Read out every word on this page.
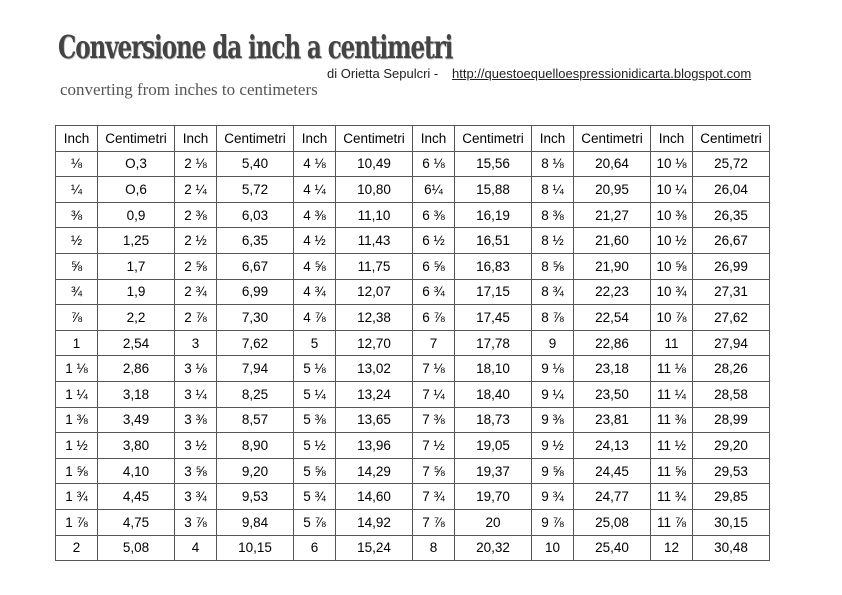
Conversione da inch a centimetri
converting from inches to centimeters
di Orietta Sepulcri - http://questoequelloespressionidicarta.blogspot.com
Inch	Centimetri	Inch	Centimetri	Inch	Centimetri	Inch	Centimetri	Inch	Centimetri	Inch	Centimetri
⅛	O,3	2 ⅛	5,40	4 ⅛	10,49	6 ⅛	15,56	8 ⅛	20,64	10 ⅛	25,72
¼	O,6	2 ¼	5,72	4 ¼	10,80	6¼	15,88	8 ¼	20,95	10 ¼	26,04
⅜	0,9	2 ⅜	6,03	4 ⅜	11,10	6 ⅜	16,19	8 ⅜	21,27	10 ⅜	26,35
½	1,25	2 ½	6,35	4 ½	11,43	6 ½	16,51	8 ½	21,60	10 ½	26,67
⅝	1,7	2 ⅝	6,67	4 ⅝	11,75	6 ⅝	16,83	8 ⅝	21,90	10 ⅝	26,99
¾	1,9	2 ¾	6,99	4 ¾	12,07	6 ¾	17,15	8 ¾	22,23	10 ¾	27,31
⅞	2,2	2 ⅞	7,30	4 ⅞	12,38	6 ⅞	17,45	8 ⅞	22,54	10 ⅞	27,62
1	2,54	3	7,62	5	12,70	7	17,78	9	22,86	11	27,94
1 ⅛	2,86	3 ⅛	7,94	5 ⅛	13,02	7 ⅛	18,10	9 ⅛	23,18	11 ⅛	28,26
1 ¼	3,18	3 ¼	8,25	5 ¼	13,24	7 ¼	18,40	9 ¼	23,50	11 ¼	28,58
1 ⅜	3,49	3 ⅜	8,57	5 ⅜	13,65	7 ⅜	18,73	9 ⅜	23,81	11 ⅜	28,99
1 ½	3,80	3 ½	8,90	5 ½	13,96	7 ½	19,05	9 ½	24,13	11 ½	29,20
1 ⅝	4,10	3 ⅝	9,20	5 ⅝	14,29	7 ⅝	19,37	9 ⅝	24,45	11 ⅝	29,53
1 ¾	4,45	3 ¾	9,53	5 ¾	14,60	7 ¾	19,70	9 ¾	24,77	11 ¾	29,85
1 ⅞	4,75	3 ⅞	9,84	5 ⅞	14,92	7 ⅞	20	9 ⅞	25,08	11 ⅞	30,15
2	5,08	4	10,15	6	15,24	8	20,32	10	25,40	12	30,48
